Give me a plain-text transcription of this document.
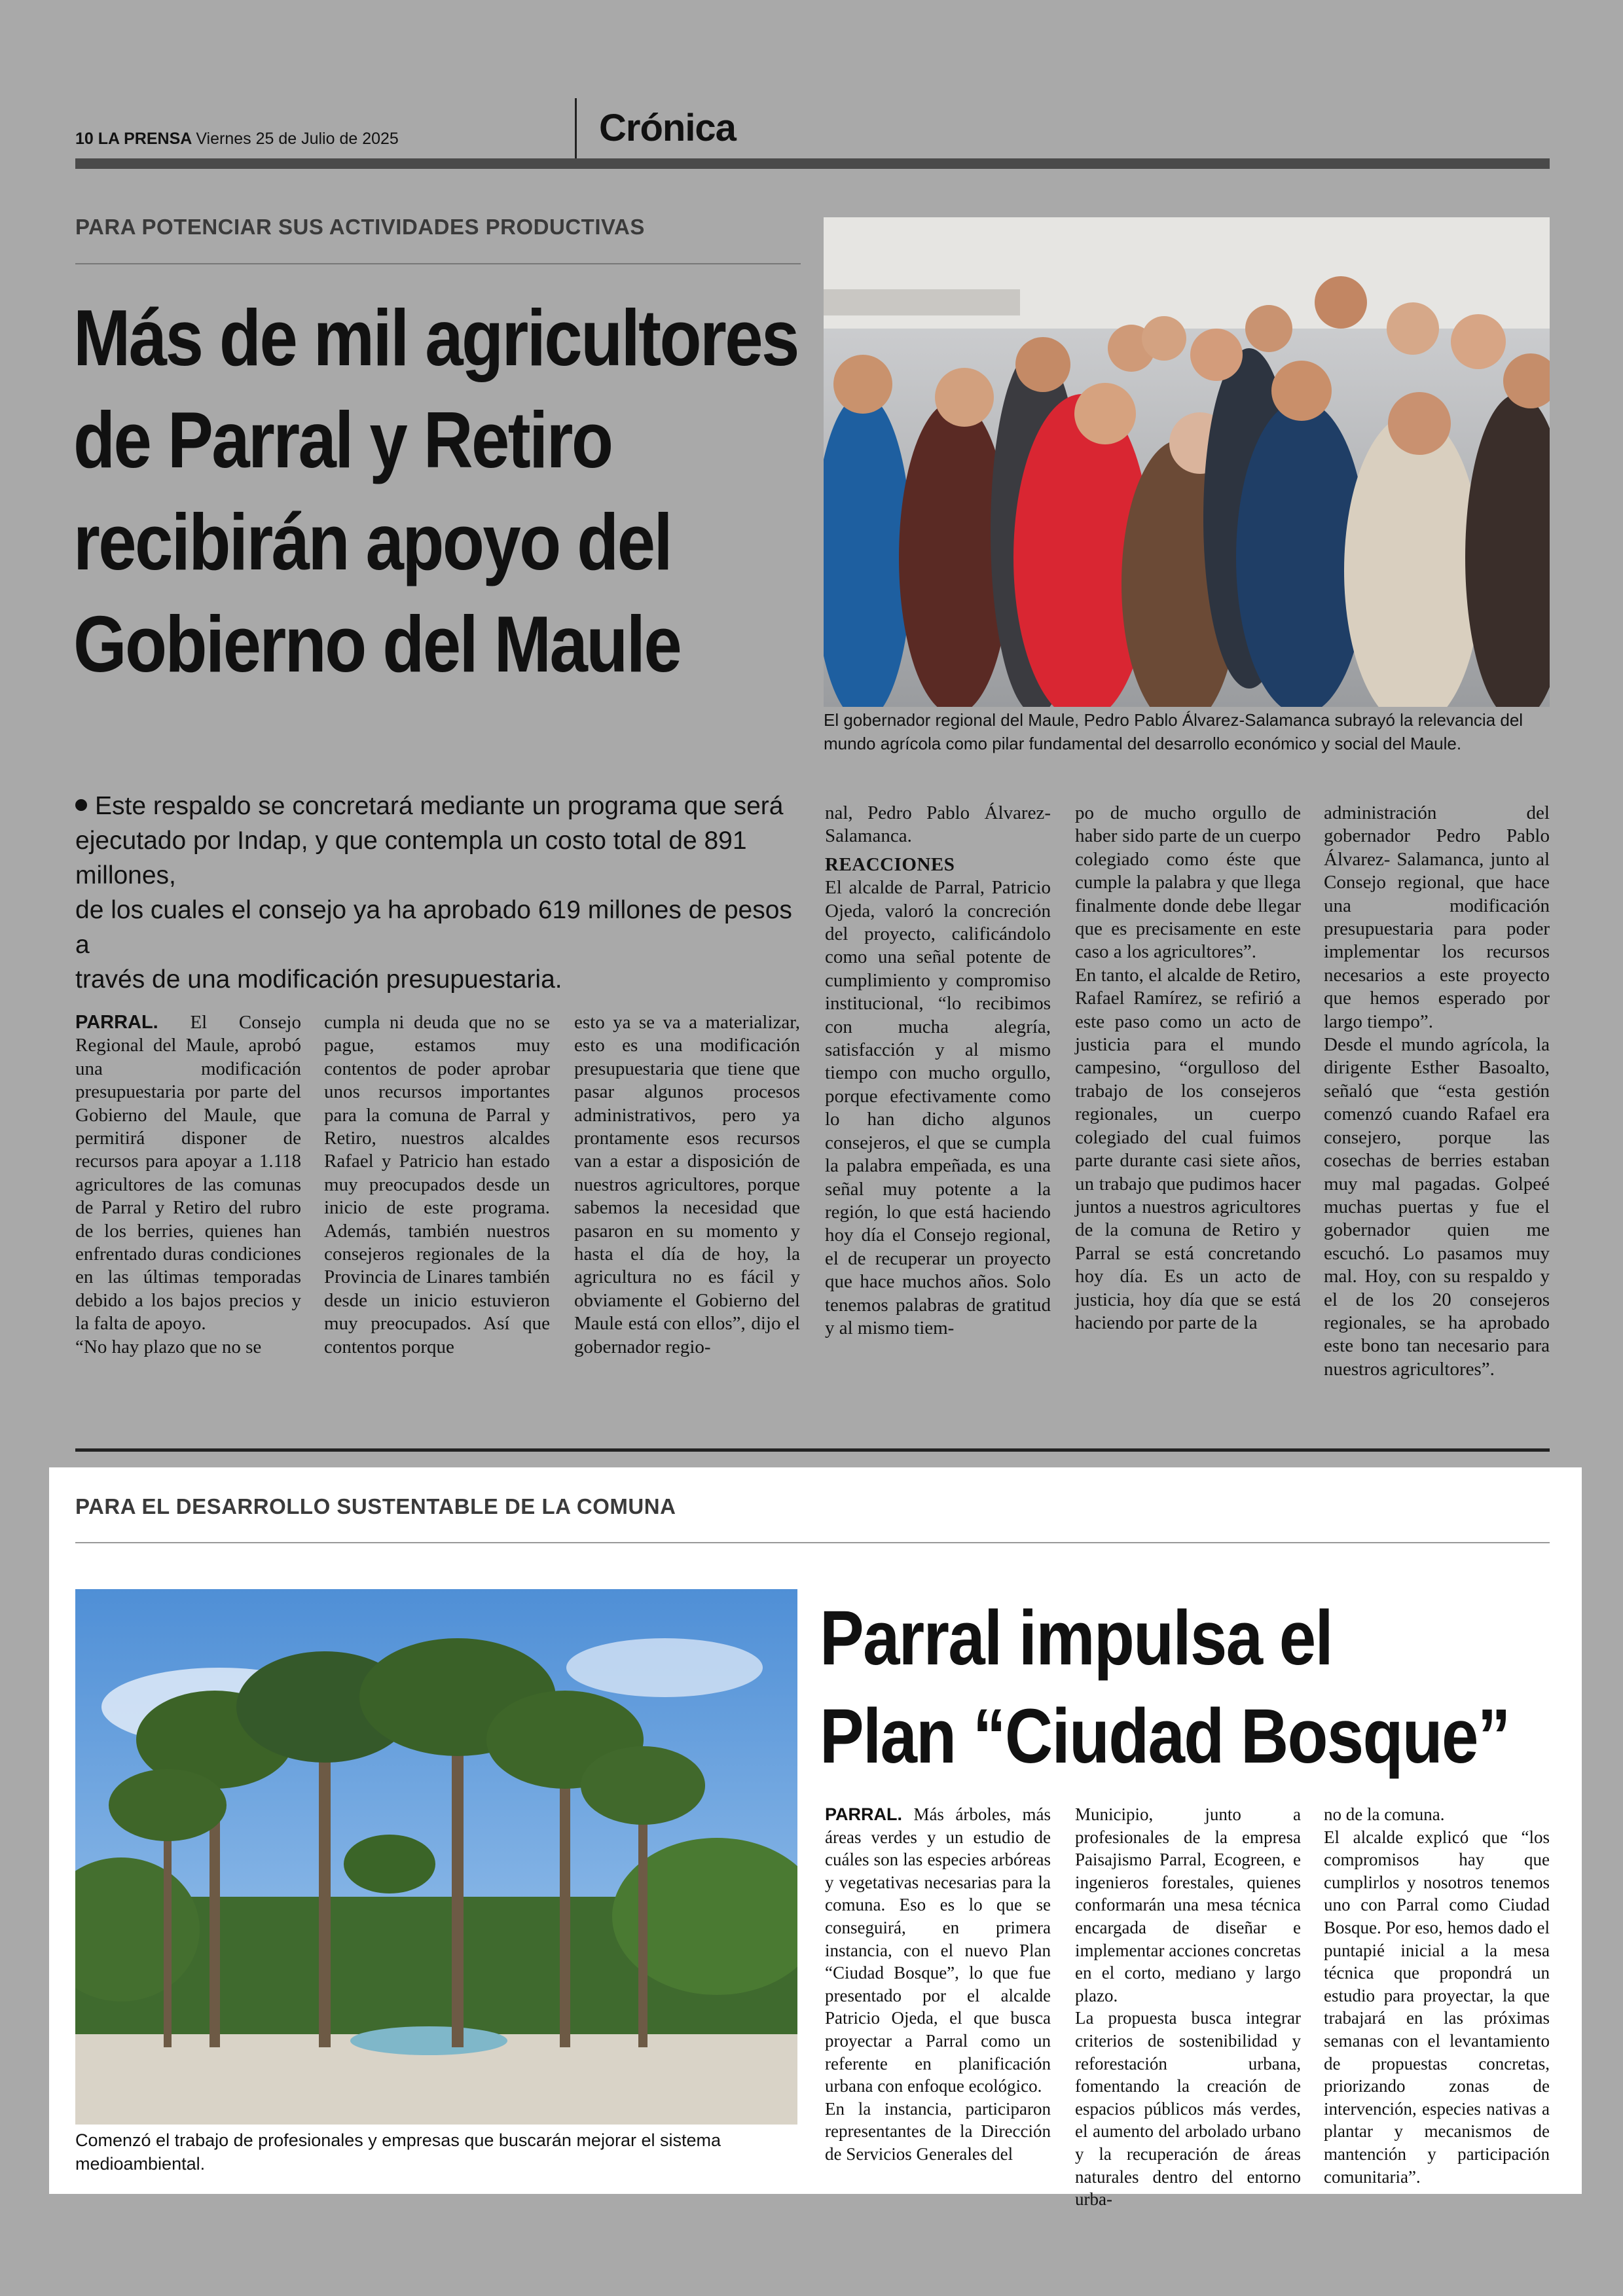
10 LA PRENSA Viernes 25 de Julio de 2025	Crónica
PARA POTENCIAR SUS ACTIVIDADES PRODUCTIVAS
Más de mil agricultores
de Parral y Retiro
recibirán apoyo del
Gobierno del Maule
El gobernador regional del Maule, Pedro Pablo Álvarez-Salamanca subrayó la relevancia del
mundo agrícola como pilar fundamental del desarrollo económico y social del Maule.
Este respaldo se concretará mediante un programa que será
ejecutado por Indap, y que contempla un costo total de 891 millones,
de los cuales el consejo ya ha aprobado 619 millones de pesos a
través de una modificación presupuestaria.

PARRAL. El Consejo Regional del Maule, aprobó una modificación presupuestaria por parte del Gobierno del Maule, que permitirá disponer de recursos para apoyar a 1.118 agricultores de las comunas de Parral y Retiro del rubro de los berries, quienes han enfrentado duras condiciones en las últimas temporadas debido a los bajos precios y la falta de apoyo.

“No hay plazo que no se

cumpla ni deuda que no se pague, estamos muy contentos de poder aprobar unos recursos importantes para la comuna de Parral y Retiro, nuestros alcaldes Rafael y Patricio han estado muy preocupados desde un inicio de este programa. Además, también nuestros consejeros regionales de la Provincia de Linares también desde un inicio estuvieron muy preocupados. Así que contentos porque

esto ya se va a materializar, esto es una modificación presupuestaria que tiene que pasar algunos procesos administrativos, pero ya prontamente esos recursos van a estar a disposición de nuestros agricultores, porque sabemos la necesidad que pasaron en su momento y hasta el día de hoy, la agricultura no es fácil y obviamente el Gobierno del Maule está con ellos”, dijo el gobernador regio-

nal, Pedro Pablo Álvarez-Salamanca.

REACCIONES

El alcalde de Parral, Patricio Ojeda, valoró la concreción del proyecto, calificándolo como una señal potente de cumplimiento y compromiso institucional, “lo recibimos con mucha alegría, satisfacción y al mismo tiempo con mucho orgullo, porque efectivamente como lo han dicho algunos consejeros, el que se cumpla la palabra empeñada, es una señal muy potente a la región, lo que está haciendo hoy día el Consejo regional, el de recuperar un proyecto que hace muchos años. Solo tenemos palabras de gratitud y al mismo tiem-

po de mucho orgullo de haber sido parte de un cuerpo colegiado como éste que cumple la palabra y que llega finalmente donde debe llegar que es precisamente en este caso a los agricultores”.

En tanto, el alcalde de Retiro, Rafael Ramírez, se refirió a este paso como un acto de justicia para el mundo campesino, “orgulloso del trabajo de los consejeros regionales, un cuerpo colegiado del cual fuimos parte durante casi siete años, un trabajo que pudimos hacer juntos a nuestros agricultores de la comuna de Retiro y Parral se está concretando hoy día. Es un acto de justicia, hoy día que se está haciendo por parte de la

administración del gobernador Pedro Pablo Álvarez- Salamanca, junto al Consejo regional, que hace una modificación presupuestaria para poder implementar los recursos necesarios a este proyecto que hemos esperado por largo tiempo”.

Desde el mundo agrícola, la dirigente Esther Basoalto, señaló que “esta gestión comenzó cuando Rafael era consejero, porque las cosechas de berries estaban muy mal pagadas. Golpeé muchas puertas y fue el gobernador quien me escuchó. Lo pasamos muy mal. Hoy, con su respaldo y el de los 20 consejeros regionales, se ha aprobado este bono tan necesario para nuestros agricultores”.

PARA EL DESARROLLO SUSTENTABLE DE LA COMUNA
Comenzó el trabajo de profesionales y empresas que buscarán mejorar el sistema
medioambiental.
Parral impulsa el
Plan “Ciudad Bosque”

PARRAL. Más árboles, más áreas verdes y un estudio de cuáles son las especies arbóreas y vegetativas necesarias para la comuna. Eso es lo que se conseguirá, en primera instancia, con el nuevo Plan “Ciudad Bosque”, lo que fue presentado por el alcalde Patricio Ojeda, el que busca proyectar a Parral como un referente en planificación urbana con enfoque ecológico.

En la instancia, participaron representantes de la Dirección de Servicios Generales del

Municipio, junto a profesionales de la empresa Paisajismo Parral, Ecogreen, e ingenieros forestales, quienes conformarán una mesa técnica encargada de diseñar e implementar acciones concretas en el corto, mediano y largo plazo.

La propuesta busca integrar criterios de sostenibilidad y reforestación urbana, fomentando la creación de espacios públicos más verdes, el aumento del arbolado urbano y la recuperación de áreas naturales dentro del entorno urba-

no de la comuna.

El alcalde explicó que “los compromisos hay que cumplirlos y nosotros tenemos uno con Parral como Ciudad Bosque. Por eso, hemos dado el puntapié inicial a la mesa técnica que propondrá un estudio para proyectar, la que trabajará en las próximas semanas con el levantamiento de propuestas concretas, priorizando zonas de intervención, especies nativas a plantar y mecanismos de mantención y participación comunitaria”.
